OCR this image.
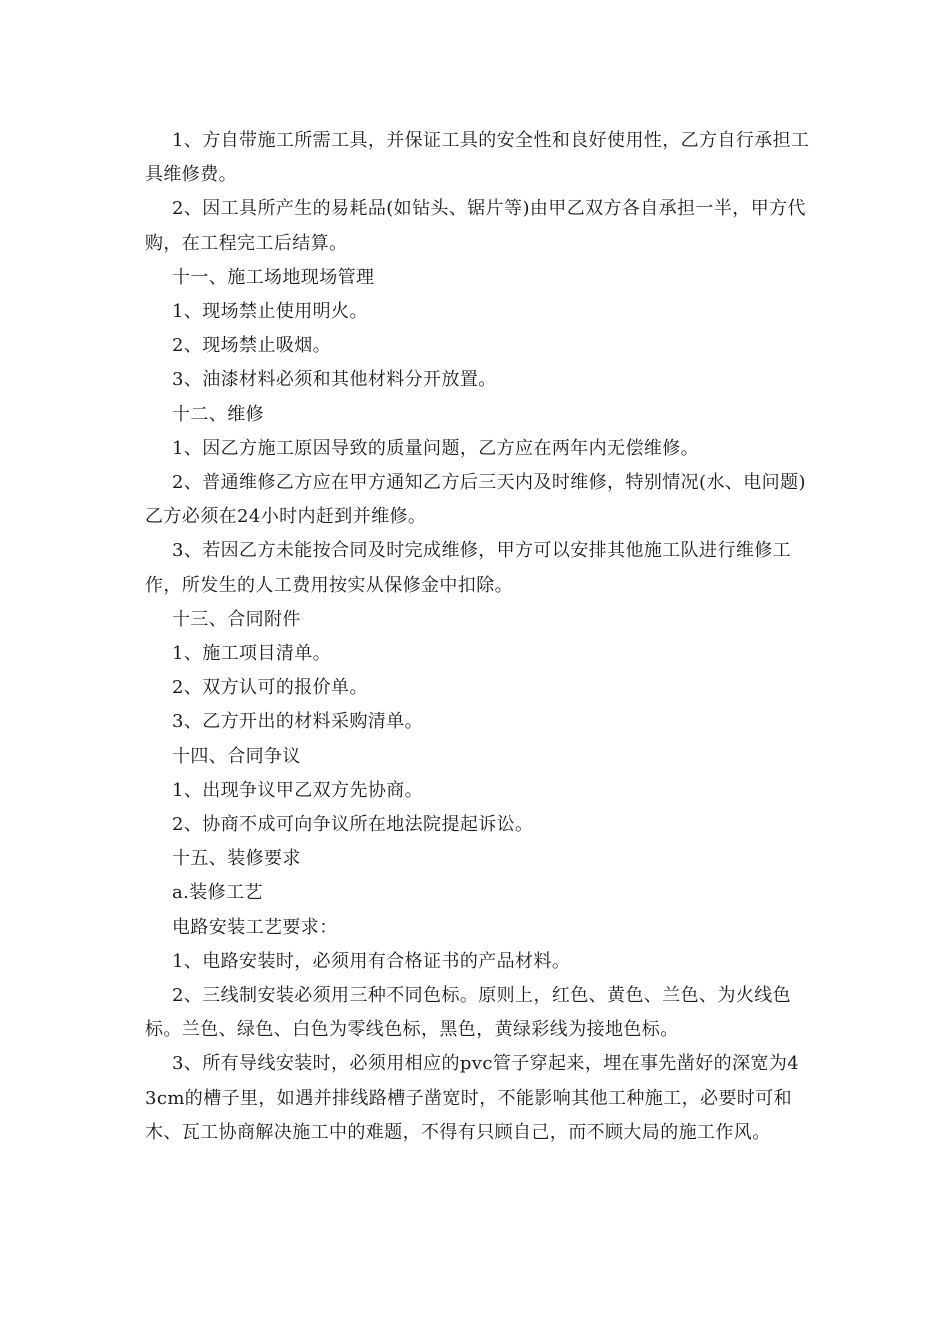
1、方自带施工所需工具，并保证工具的安全性和良好使用性，乙方自行承担工具维修费。

2、因工具所产生的易耗品(如钻头、锯片等)由甲乙双方各自承担一半，甲方代购，在工程完工后结算。

十一、施工场地现场管理

1、现场禁止使用明火。

2、现场禁止吸烟。

3、油漆材料必须和其他材料分开放置。

十二、维修

1、因乙方施工原因导致的质量问题，乙方应在两年内无偿维修。

2、普通维修乙方应在甲方通知乙方后三天内及时维修，特别情况(水、电问题)乙方必须在24小时内赶到并维修。

3、若因乙方未能按合同及时完成维修，甲方可以安排其他施工队进行维修工作，所发生的人工费用按实从保修金中扣除。

十三、合同附件

1、施工项目清单。

2、双方认可的报价单。

3、乙方开出的材料采购清单。

十四、合同争议

1、出现争议甲乙双方先协商。

2、协商不成可向争议所在地法院提起诉讼。

十五、装修要求

a.装修工艺

电路安装工艺要求：

1、电路安装时，必须用有合格证书的产品材料。

2、三线制安装必须用三种不同色标。原则上，红色、黄色、兰色、为火线色标。兰色、绿色、白色为零线色标，黑色，黄绿彩线为接地色标。

3、所有导线安装时，必须用相应的pvc管子穿起来，埋在事先凿好的深宽为4 3cm的槽子里，如遇并排线路槽子凿宽时，不能影响其他工种施工，必要时可和木、瓦工协商解决施工中的难题，不得有只顾自己，而不顾大局的施工作风。
